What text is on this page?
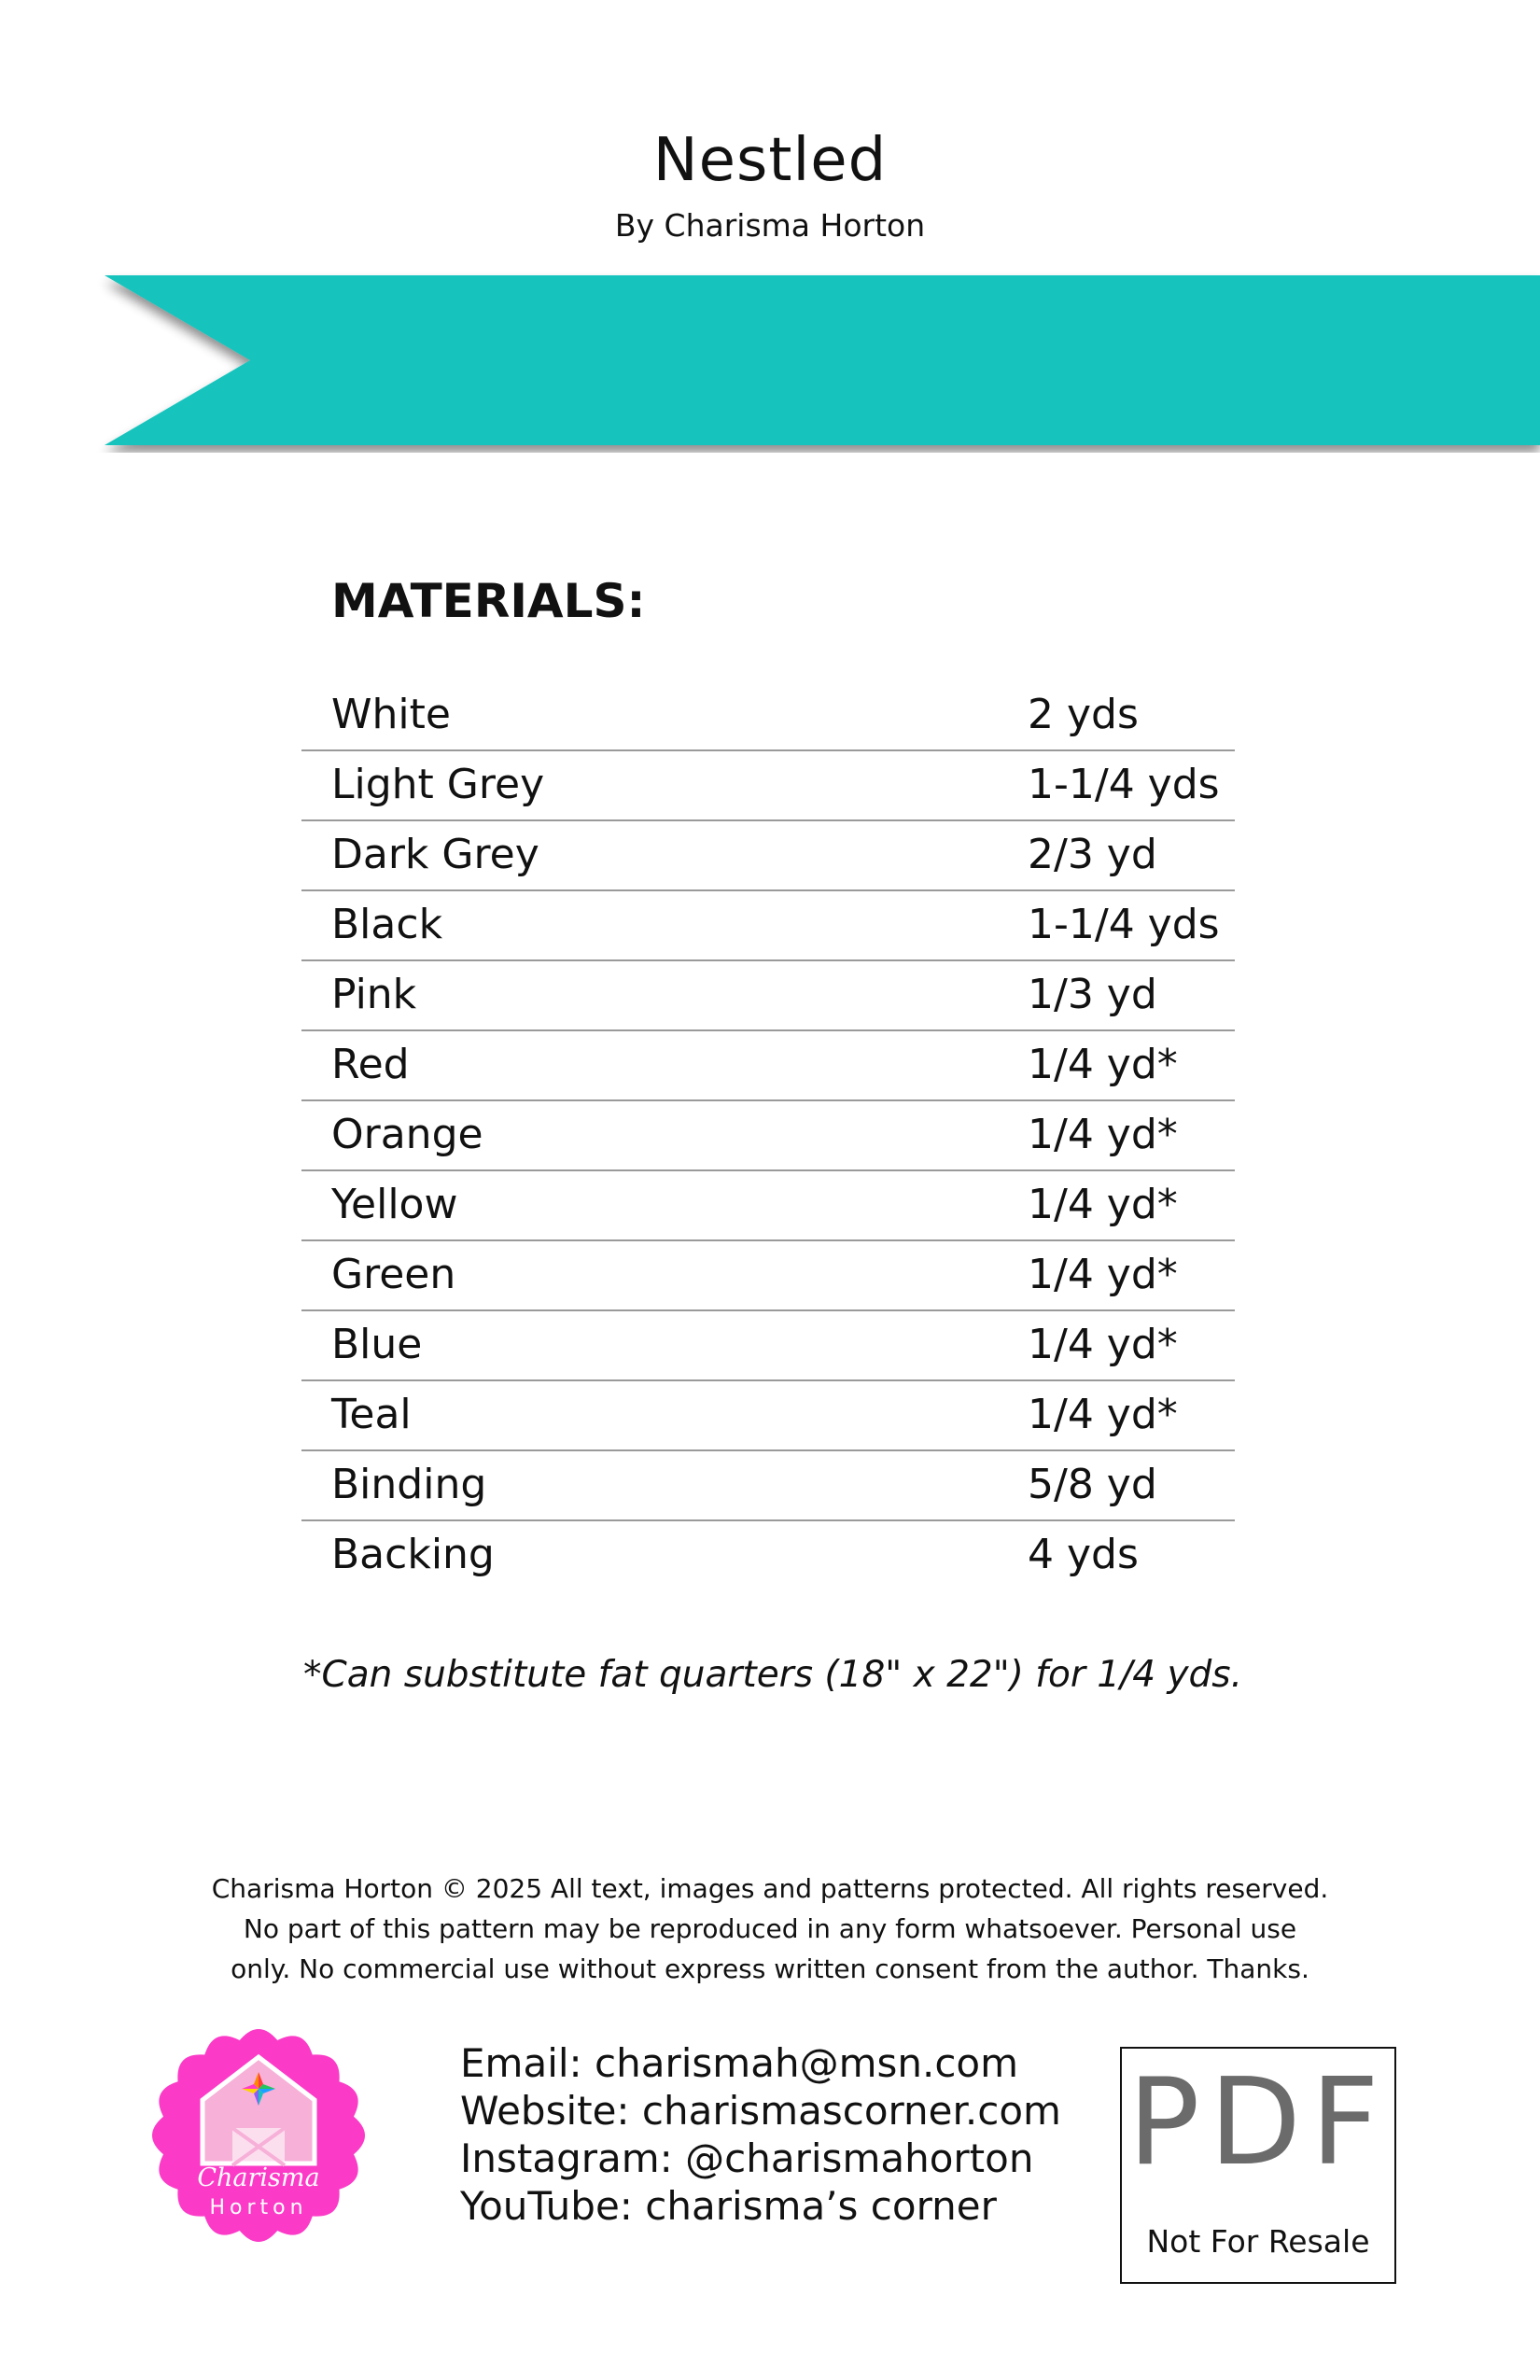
Nestled
By Charisma Horton
MATERIALS:
White	2 yds
Light Grey	1-1/4 yds
Dark Grey	2/3 yd
Black	1-1/4 yds
Pink	1/3 yd
Red	1/4 yd*
Orange	1/4 yd*
Yellow	1/4 yd*
Green	1/4 yd*
Blue	1/4 yd*
Teal	1/4 yd*
Binding	5/8 yd
Backing	4 yds
*Can substitute fat quarters (18" x 22") for 1/4 yds.
Charisma Horton © 2025 All text, images and patterns protected. All rights reserved.
No part of this pattern may be reproduced in any form whatsoever. Personal use
only. No commercial use without express written consent from the author. Thanks.
Charisma
Horton
Email: charismah@msn.com
Website: charismascorner.com
Instagram: @charismahorton
YouTube: charisma’s corner
PDF
Not For Resale
